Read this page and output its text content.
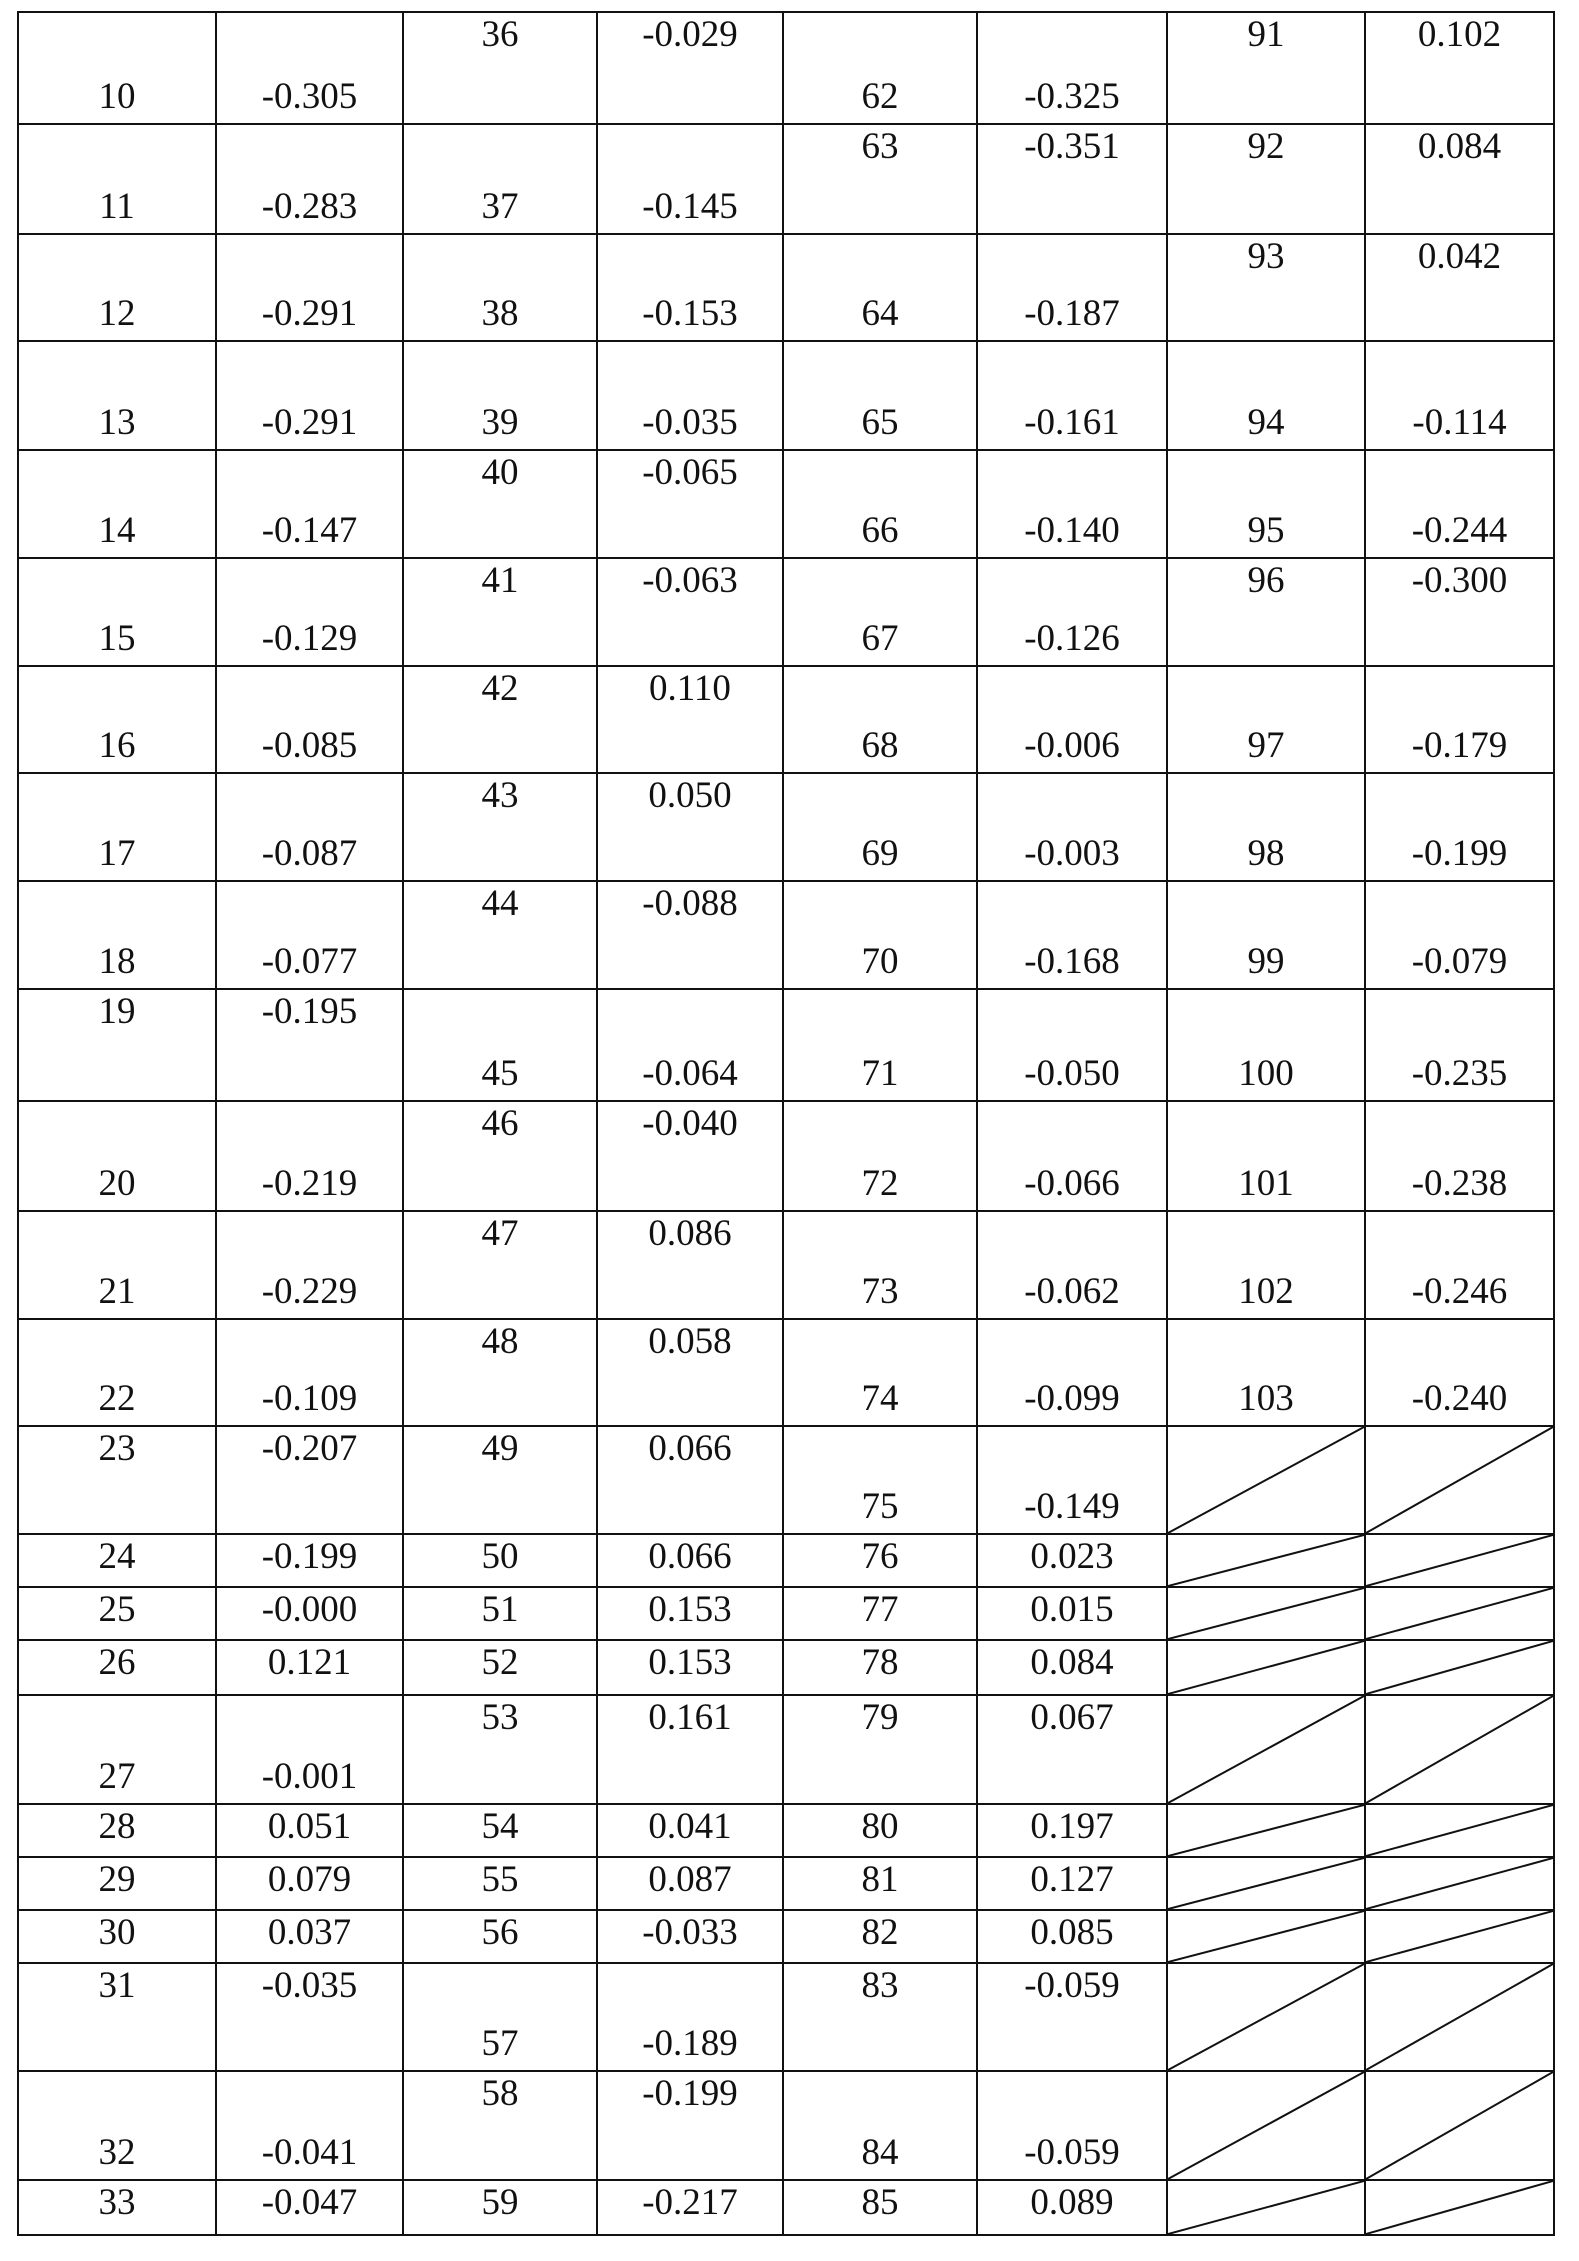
10	-0.305

36	-0.029

62	-0.325

91	0.102

11	-0.283	37	-0.145

63	-0.351	92	0.084

12	-0.291	38	-0.153	64	-0.187

93	0.042

13	-0.291	39	-0.035	65	-0.161	94	-0.114

14	-0.147

40	-0.065

66	-0.140	95	-0.244

15	-0.129

41	-0.063

67	-0.126

96	-0.300

16	-0.085

42	0.110

68	-0.006	97	-0.179

17	-0.087

43	0.050

69	-0.003	98	-0.199

18	-0.077

44	-0.088

70	-0.168	99	-0.079

19	-0.195

45	-0.064	71	-0.050	100	-0.235

20	-0.219

46	-0.040

72	-0.066	101	-0.238

21	-0.229

47	0.086

73	-0.062	102	-0.246

22	-0.109

48	0.058

74	-0.099	103	-0.240

23	-0.207	49	0.066

75	-0.149

24	-0.199	50	0.066	76	0.023

25	-0.000	51	0.153	77	0.015

26	0.121	52	0.153	78	0.084

27	-0.001

53	0.161	79	0.067

28	0.051	54	0.041	80	0.197

29	0.079	55	0.087	81	0.127

30	0.037	56	-0.033	82	0.085

31	-0.035

57	-0.189

83	-0.059

32	-0.041

58	-0.199

84	-0.059

33	-0.047	59	-0.217	85	0.089
